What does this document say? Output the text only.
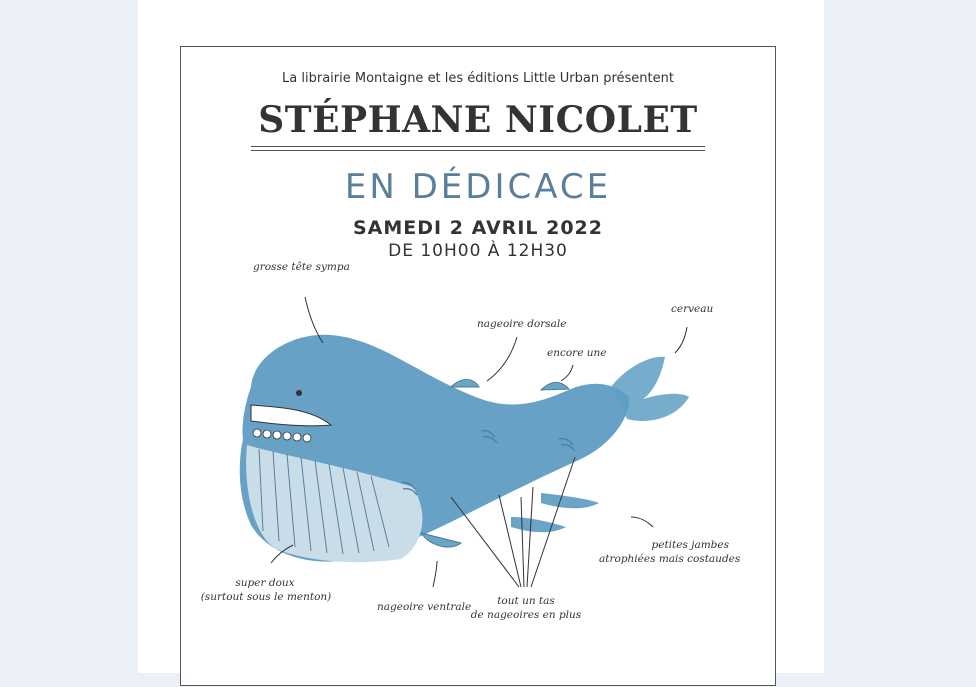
La librairie Montaigne et les éditions Little Urban présentent
STÉPHANE NICOLET
EN DÉDICACE
SAMEDI 2 AVRIL 2022
DE 10H00 À 12H30
grosse tête sympa
nageoire dorsale
encore une
cerveau
petites jambes
atrophiées mais costaudes
super doux
(surtout sous le menton)
nageoire ventrale	tout un tas
de nageoires en plus
